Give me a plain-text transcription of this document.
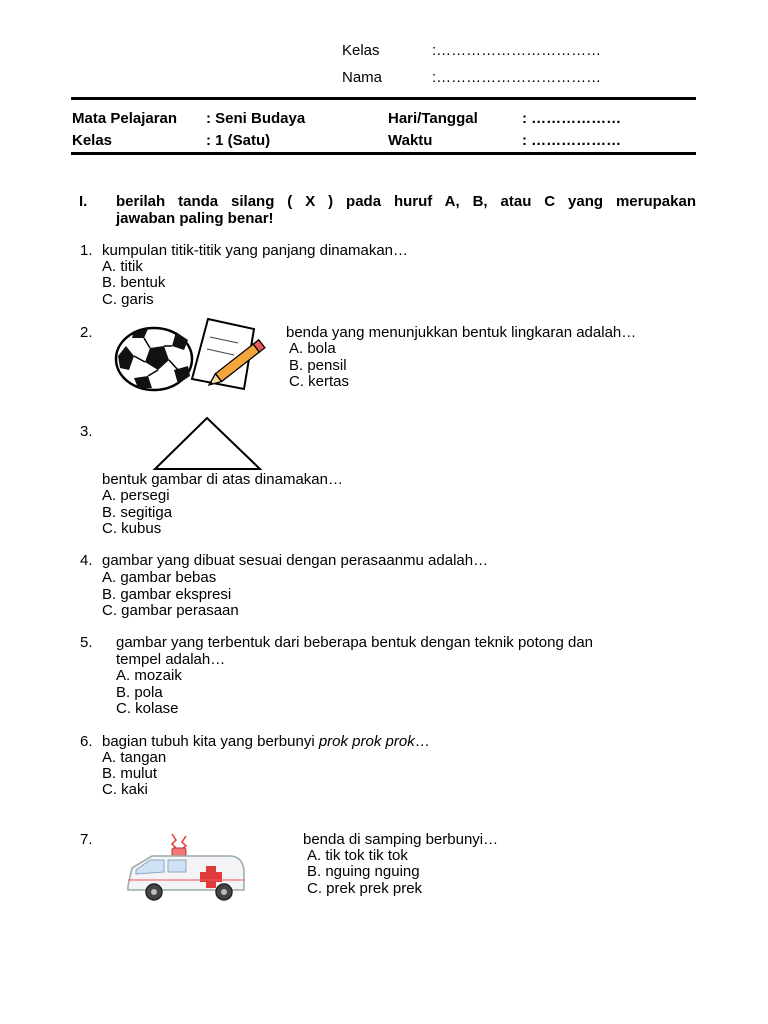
Kelas	:……………………………
Nama	:……………………………
Mata Pelajaran : Seni Budaya	Hari/Tanggal	: ………………
Kelas	: 1 (Satu)	Waktu	: ………………
I. berilah tanda silang ( X ) pada huruf A, B, atau C yang merupakan
jawaban paling benar!
1. kumpulan titik-titik yang panjang dinamakan…
A. titik
B. bentuk
C. garis
2.	benda yang menunjukkan bentuk lingkaran adalah…
A. bola
B. pensil
C. kertas
3.
bentuk gambar di atas dinamakan…
A. persegi
B. segitiga
C. kubus
4. gambar yang dibuat sesuai dengan perasaanmu adalah…
A. gambar bebas
B. gambar ekspresi
C. gambar perasaan
5. gambar yang terbentuk dari beberapa bentuk dengan teknik potong dan
tempel adalah…
A. mozaik
B. pola
C. kolase
6. bagian tubuh kita yang berbunyi prok prok prok…
A. tangan
B. mulut
C. kaki
7.	benda di samping berbunyi…
A. tik tok tik tok
B. nguing nguing
C. prek prek prek
